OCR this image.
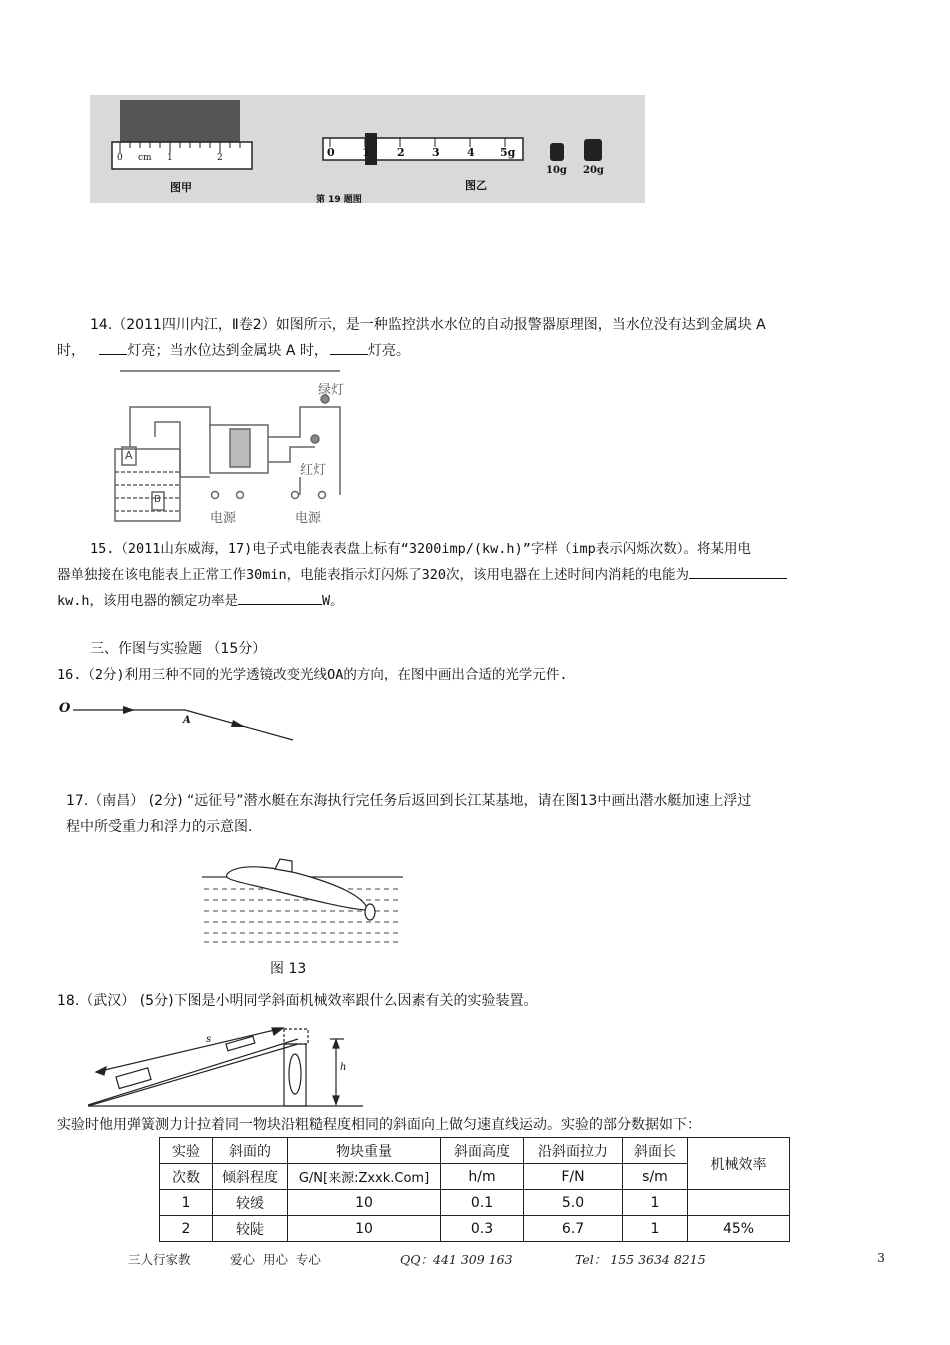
0 cm 1	2	0 1 2 3 4 5g
10g 20g
图甲	图乙
第 19 题图
14.（2011四川内江，Ⅱ卷2）如图所示，是一种监控洪水水位的自动报警器原理图，当水位没有达到金属块 A
时，	灯亮；当水位达到金属块 A 时，	灯亮。
A
B
绿灯
红灯
电源	电源
15.（2011山东威海，17)电子式电能表表盘上标有“3200imp/(kw.h)”字样（imp表示闪烁次数）。将某用电
器单独接在该电能表上正常工作30min，电能表指示灯闪烁了320次，该用电器在上述时间内消耗的电能为
kw.h，该用电器的额定功率是	W。
三、作图与实验题 （15分）
16.（2分)利用三种不同的光学透镜改变光线OA的方向，在图中画出合适的光学元件.
O
A
17.（南昌） (2分) “远征号”潜水艇在东海执行完任务后返回到长江某基地，请在图13中画出潜水艇加速上浮过
程中所受重力和浮力的示意图.
图 13
18.（武汉） (5分)下图是小明同学斜面机械效率跟什么因素有关的实验装置。
s
h
实验时他用弹簧测力计拉着同一物块沿粗糙程度相同的斜面向上做匀速直线运动。实验的部分数据如下：
实验	斜面的	物块重量	斜面高度	沿斜面拉力	斜面长	机械效率
次数	倾斜程度	G/N[来源:Zxxk.Com]	h/m	F/N	s/m	
1	较缓	10	0.1	5.0	1	
2	较陡	10	0.3	6.7	1	45%
三人行家教	爱心  用心  专心	QQ：441 309 163	Tel： 155 3634 8215	3
